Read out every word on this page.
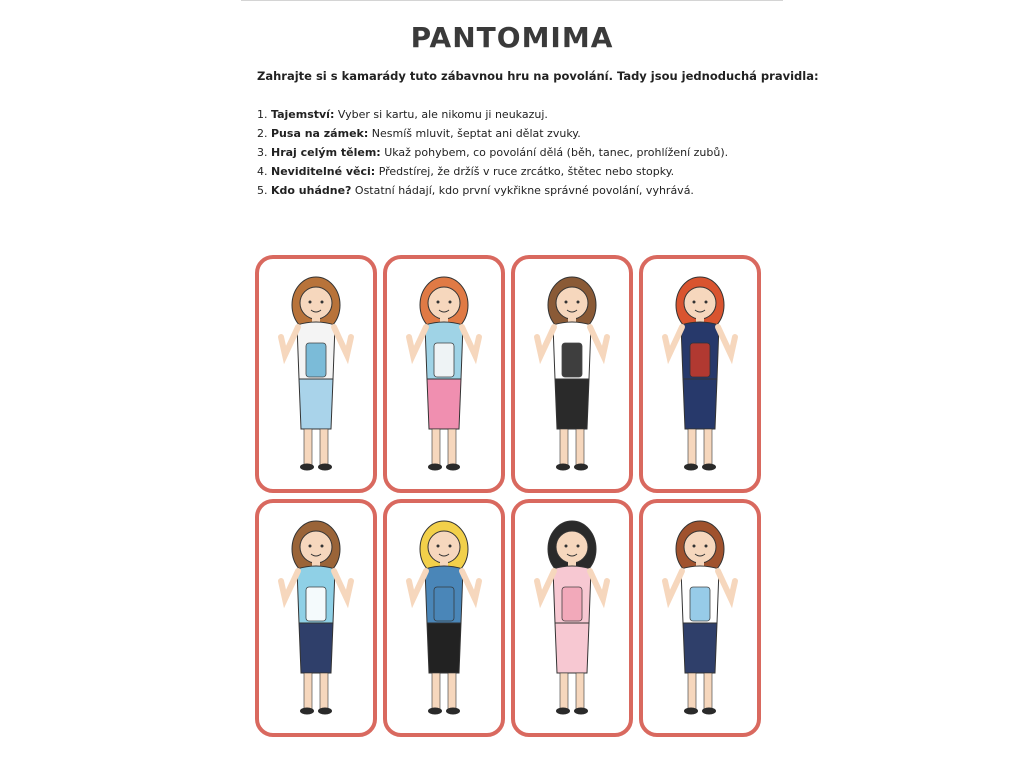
PANTOMIMA
Zahrajte si s kamarády tuto zábavnou hru na povolání. Tady jsou jednoduchá pravidla:
1. Tajemství: Vyber si kartu, ale nikomu ji neukazuj.
2. Pusa na zámek: Nesmíš mluvit, šeptat ani dělat zvuky.
3. Hraj celým tělem: Ukaž pohybem, co povolání dělá (běh, tanec, prohlížení zubů).
4. Neviditelné věci: Předstírej, že držíš v ruce zrcátko, štětec nebo stopky.
5. Kdo uhádne? Ostatní hádají, kdo první vykřikne správné povolání, vyhrává.
